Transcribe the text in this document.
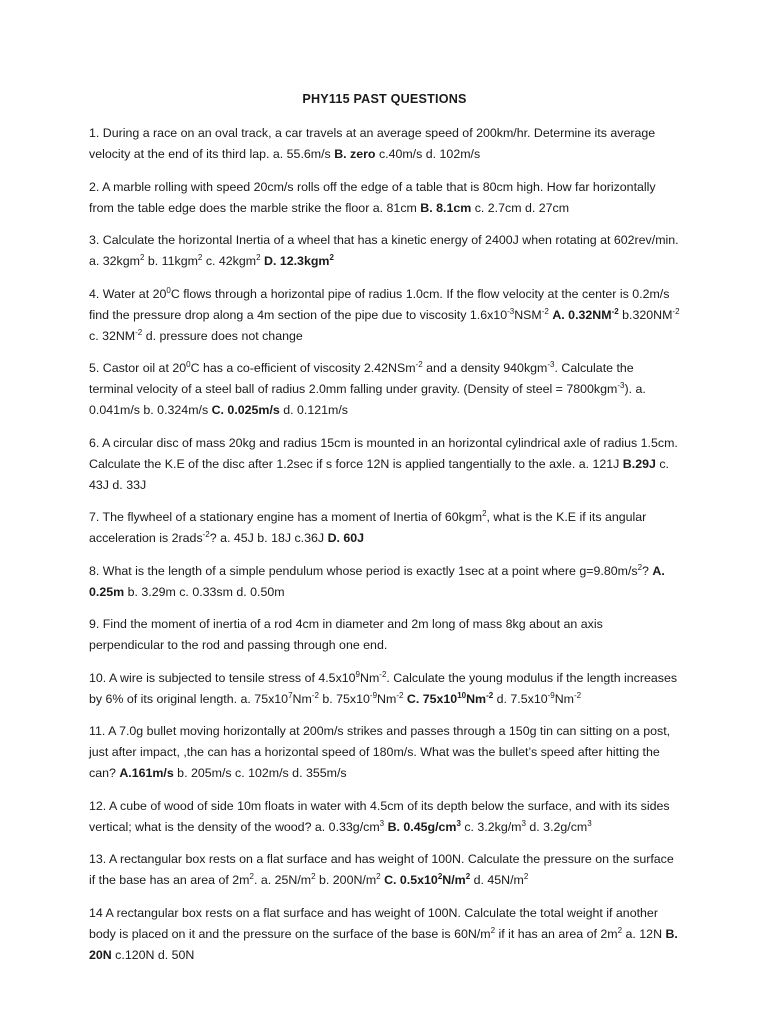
PHY115 PAST QUESTIONS

1. During a race on an oval track, a car travels at an average speed of 200km/hr. Determine its average velocity at the end of its third lap. a. 55.6m/s B. zero c.40m/s d. 102m/s

2. A marble rolling with speed 20cm/s rolls off the edge of a table that is 80cm high. How far horizontally from the table edge does the marble strike the floor a. 81cm B. 8.1cm c. 2.7cm d. 27cm

3. Calculate the horizontal Inertia of a wheel that has a kinetic energy of 2400J when rotating at 602rev/min. a. 32kgm$^2$ b. 11kgm$^2$ c. 42kgm$^2$ D. 12.3kgm$^2$

4. Water at $20^0C$ flows through a horizontal pipe of radius 1.0cm. If the flow velocity at the center is 0.2m/s find the pressure drop along a 4m section of the pipe due to viscosity $1.6x10^{-3}NSM^{-2}$ A. $0.32NM^{-2}$ $b.320NM^{-2}$ c. $32NM^{-2}$ d. pressure does not change

5. Castor oil at $20^0C$ has a co-efficient of viscosity 2.42NSm$^{-2}$ and a density 940kgm$^{-3}$. Calculate the terminal velocity of a steel ball of radius 2.0mm falling under gravity. (Density of steel = 7800kgm$^{-3}$). a. 0.041m/s b. 0.324m/s C. 0.025m/s d. 0.121m/s

6. A circular disc of mass 20kg and radius 15cm is mounted in an horizontal cylindrical axle of radius 1.5cm. Calculate the K.E of the disc after 1.2sec if s force 12N is applied tangentially to the axle. a. 121J B.29J c. 43J d. 33J

7. The flywheel of a stationary engine has a moment of Inertia of 60kgm$^2$, what is the K.E if its angular acceleration is 2rads$^{-2}$? a. 45J b. 18J c.36J D. 60J

8. What is the length of a simple pendulum whose period is exactly 1sec at a point where $g=9.80m/s^2$? A. 0.25m b. 3.29m c. 0.33sm d. 0.50m

9. Find the moment of inertia of a rod 4cm in diameter and 2m long of mass 8kg about an axis perpendicular to the rod and passing through one end.

10. A wire is subjected to tensile stress of $4.5x10^9Nm^{-2}$. Calculate the young modulus if the length increases by 6% of its original length. a. $75x10^7Nm^{-2}$ b. $75x10^{-9}Nm^{-2}$ C. $75x10^{10}Nm^{-2}$ d. $7.5x10^{-9}Nm^{-2}$

11. A 7.0g bullet moving horizontally at 200m/s strikes and passes through a 150g tin can sitting on a post, just after impact, ,the can has a horizontal speed of 180m/s. What was the bullet’s speed after hitting the can? A.161m/s b. 205m/s c. 102m/s d. 355m/s

12. A cube of wood of side 10m floats in water with 4.5cm of its depth below the surface, and with its sides vertical; what is the density of the wood? a. $0.33g/cm^3$ B. $0.45g/cm^3$ c. $3.2kg/m^3$ d. $3.2g/cm^3$

13. A rectangular box rests on a flat surface and has weight of 100N. Calculate the pressure on the surface if the base has an area of $2m^2$. a. $25N/m^2$ b. $200N/m^2$ C. $0.5x10^2N/m^2$ d. $45N/m^2$

14 A rectangular box rests on a flat surface and has weight of 100N. Calculate the total weight if another body is placed on it and the pressure on the surface of the base is $60N/m^2$ if it has an area of $2m^2$ a. 12N B. 20N c.120N d. 50N
